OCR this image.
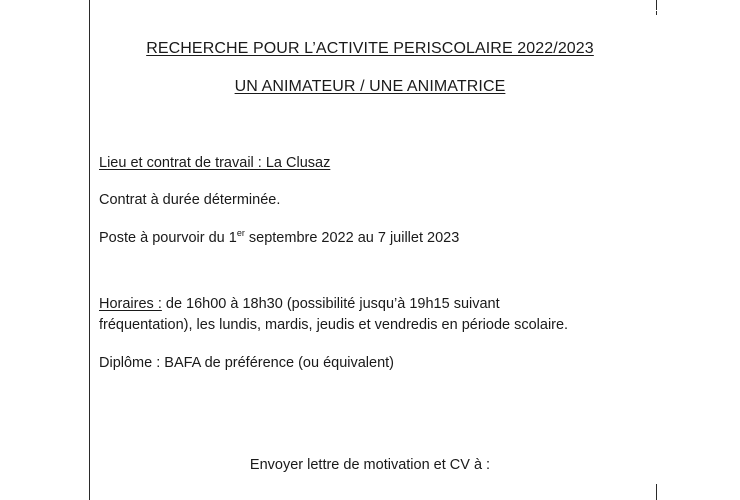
RECHERCHE POUR L’ACTIVITE PERISCOLAIRE 2022/2023
UN ANIMATEUR / UNE ANIMATRICE
Lieu et contrat de travail : La Clusaz
Contrat à durée déterminée.
Poste à pourvoir du 1er septembre 2022 au 7 juillet 2023
Horaires : de 16h00 à 18h30 (possibilité jusqu’à 19h15 suivant
fréquentation), les lundis, mardis, jeudis et vendredis en période scolaire.
Diplôme : BAFA de préférence (ou équivalent)
Envoyer lettre de motivation et CV à :
